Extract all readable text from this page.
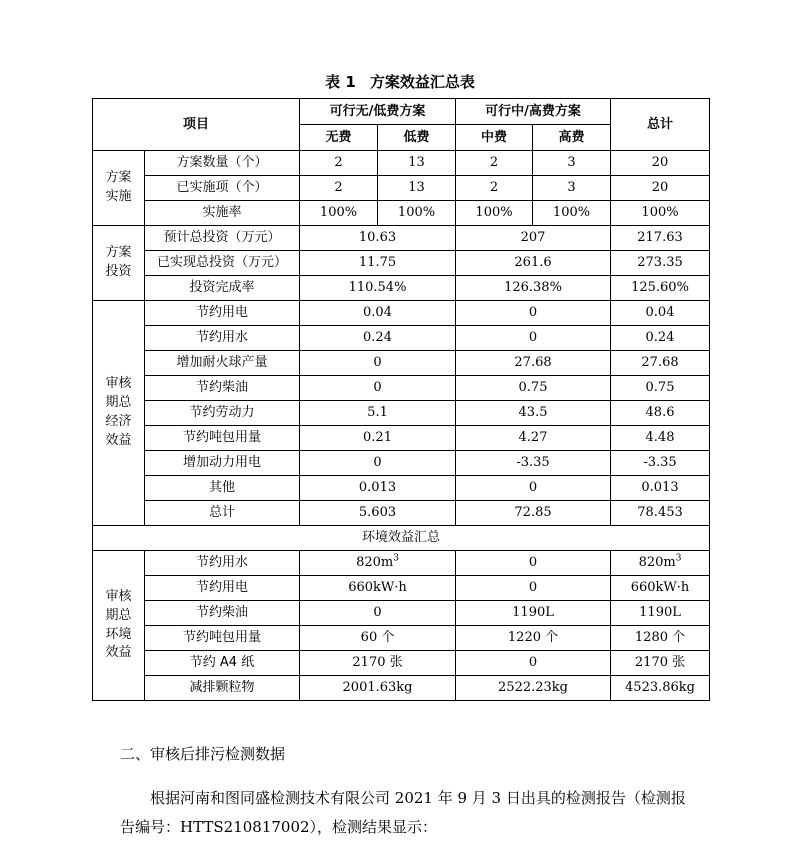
表 1 方案效益汇总表
项目		可行无/低费方案		可行中/高费方案		总计
		无费	低费	中费	高费	

方案
实施	方案数量（个）	2	13	2	3	20
	已实施项（个）	2	13	2	3	20
	实施率	100%	100%	100%	100%	100%

方案
投资	预计总投资（万元）	10.63		207		217.63
	已实现总投资（万元）	11.75		261.6		273.35
	投资完成率	110.54%		126.38%		125.60%

审核
期总
经济
效益	节约用电	0.04		0		0.04
	节约用水	0.24		0		0.24
	增加耐火球产量	0		27.68		27.68
	节约柴油	0		0.75		0.75
	节约劳动力	5.1		43.5		48.6
	节约吨包用量	0.21		4.27		4.48
	增加动力用电	0		-3.35		-3.35
	其他	0.013		0		0.013
	总计	5.603		72.85		78.453
环境效益汇总						

审核
期总
环境
效益	节约用水	$820m^3$		0		$820m^3$
	节约用电	660kW·h		0		660kW·h
	节约柴油	0		1190L		1190L
	节约吨包用量	60 个		1220 个		1280 个
	节约 A4 纸	2170 张		0		2170 张
	减排颗粒物	2001.63kg		2522.23kg		4523.86kg
二、审核后排污检测数据
根据河南和图同盛检测技术有限公司 2021 年 9 月 3 日出具的检测报告（检测报告编号：HTTS210817002），检测结果显示：
